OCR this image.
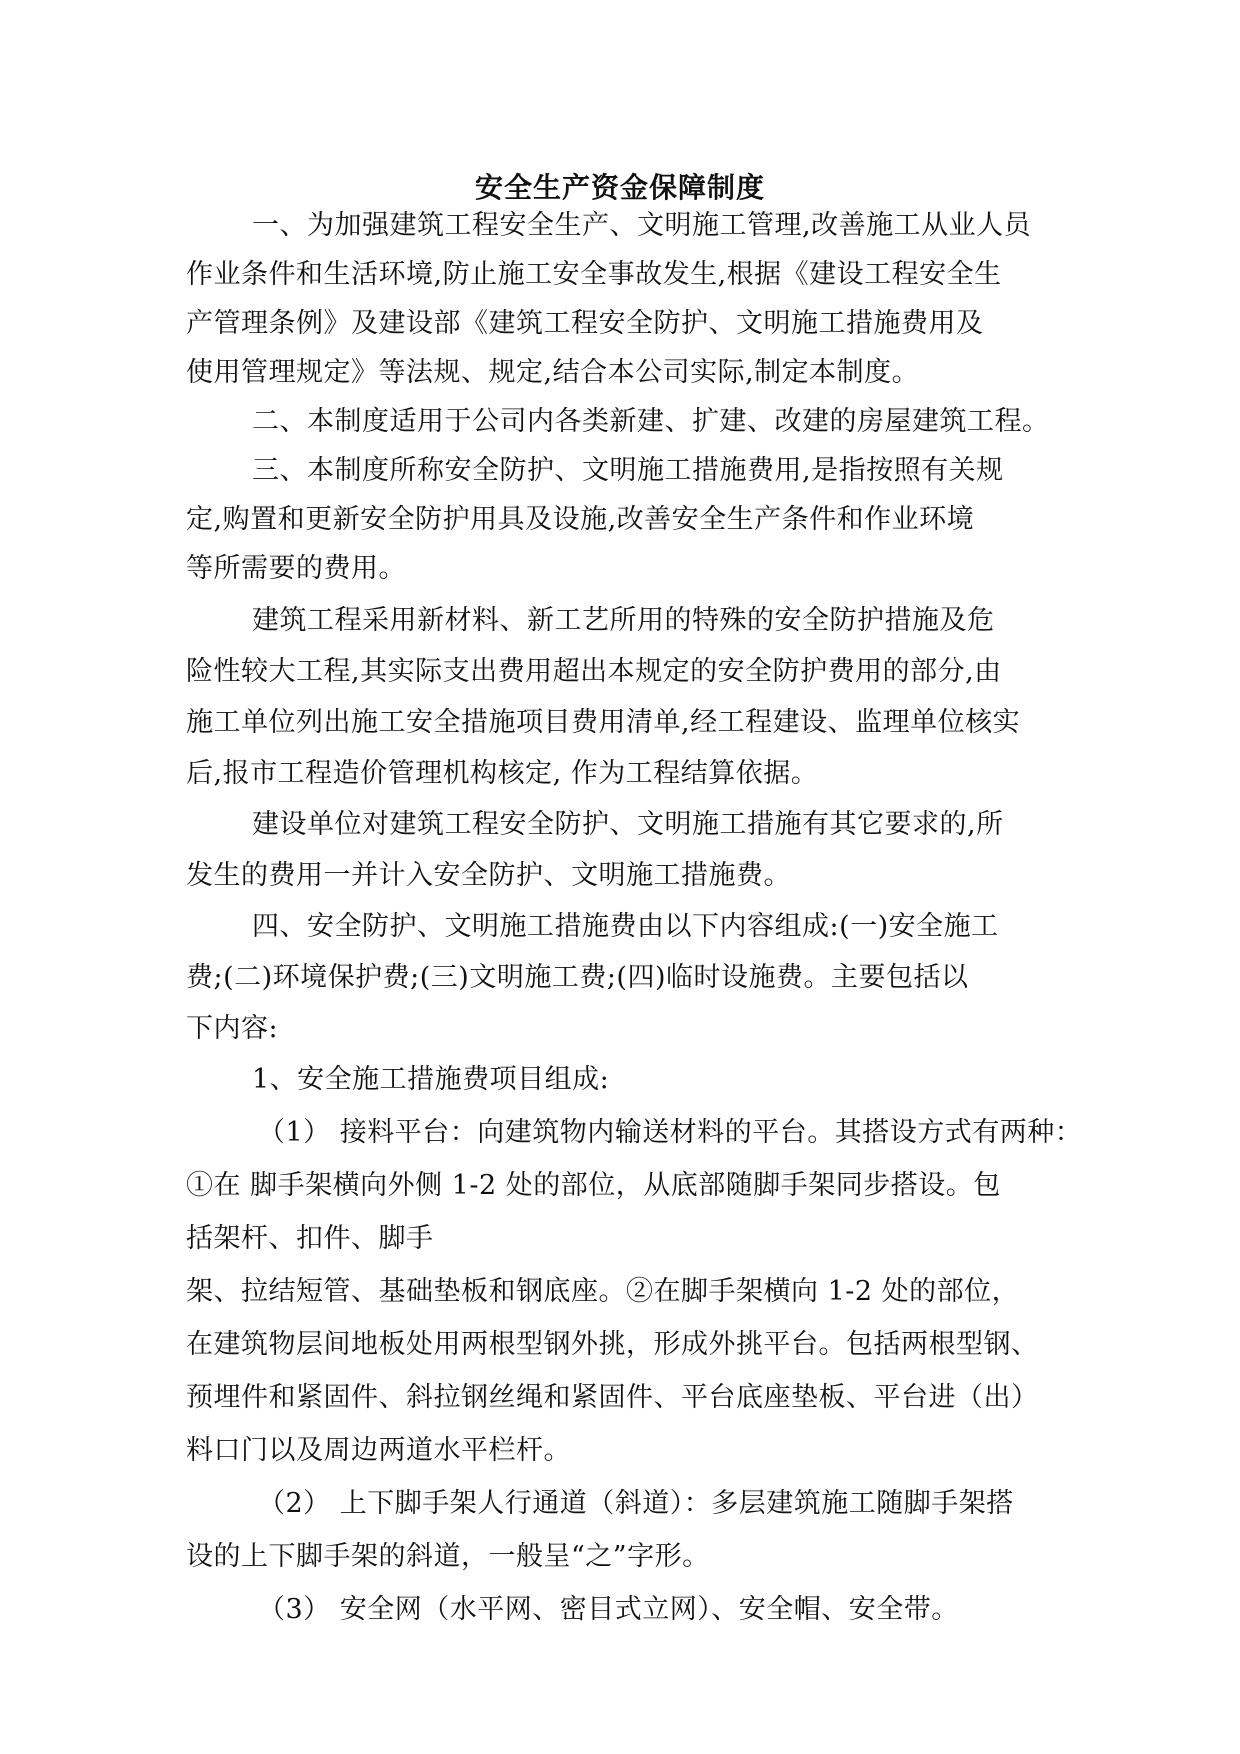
安全生产资金保障制度
一、为加强建筑工程安全生产、文明施工管理,改善施工从业人员
作业条件和生活环境,防止施工安全事故发生,根据《建设工程安全生
产管理条例》及建设部《建筑工程安全防护、文明施工措施费用及
使用管理规定》等法规、规定,结合本公司实际,制定本制度。
二、本制度适用于公司内各类新建、扩建、改建的房屋建筑工程。
三、本制度所称安全防护、文明施工措施费用,是指按照有关规
定,购置和更新安全防护用具及设施,改善安全生产条件和作业环境
等所需要的费用。
建筑工程采用新材料、新工艺所用的特殊的安全防护措施及危
险性较大工程,其实际支出费用超出本规定的安全防护费用的部分,由
施工单位列出施工安全措施项目费用清单,经工程建设、监理单位核实
后,报市工程造价管理机构核定, 作为工程结算依据。
建设单位对建筑工程安全防护、文明施工措施有其它要求的,所
发生的费用一并计入安全防护、文明施工措施费。
四、安全防护、文明施工措施费由以下内容组成:(一)安全施工
费;(二)环境保护费;(三)文明施工费;(四)临时设施费。主要包括以
下内容:
1、安全施工措施费项目组成:
（1） 接料平台：向建筑物内输送材料的平台。其搭设方式有两种：
①在 脚手架横向外侧 1-2 处的部位，从底部随脚手架同步搭设。包
括架杆、扣件、脚手
架、拉结短管、基础垫板和钢底座。②在脚手架横向 1-2 处的部位，
在建筑物层间地板处用两根型钢外挑，形成外挑平台。包括两根型钢、
预埋件和紧固件、斜拉钢丝绳和紧固件、平台底座垫板、平台进（出）
料口门以及周边两道水平栏杆。
（2） 上下脚手架人行通道（斜道）：多层建筑施工随脚手架搭
设的上下脚手架的斜道，一般呈“之”字形。
（3） 安全网（水平网、密目式立网）、安全帽、安全带。
